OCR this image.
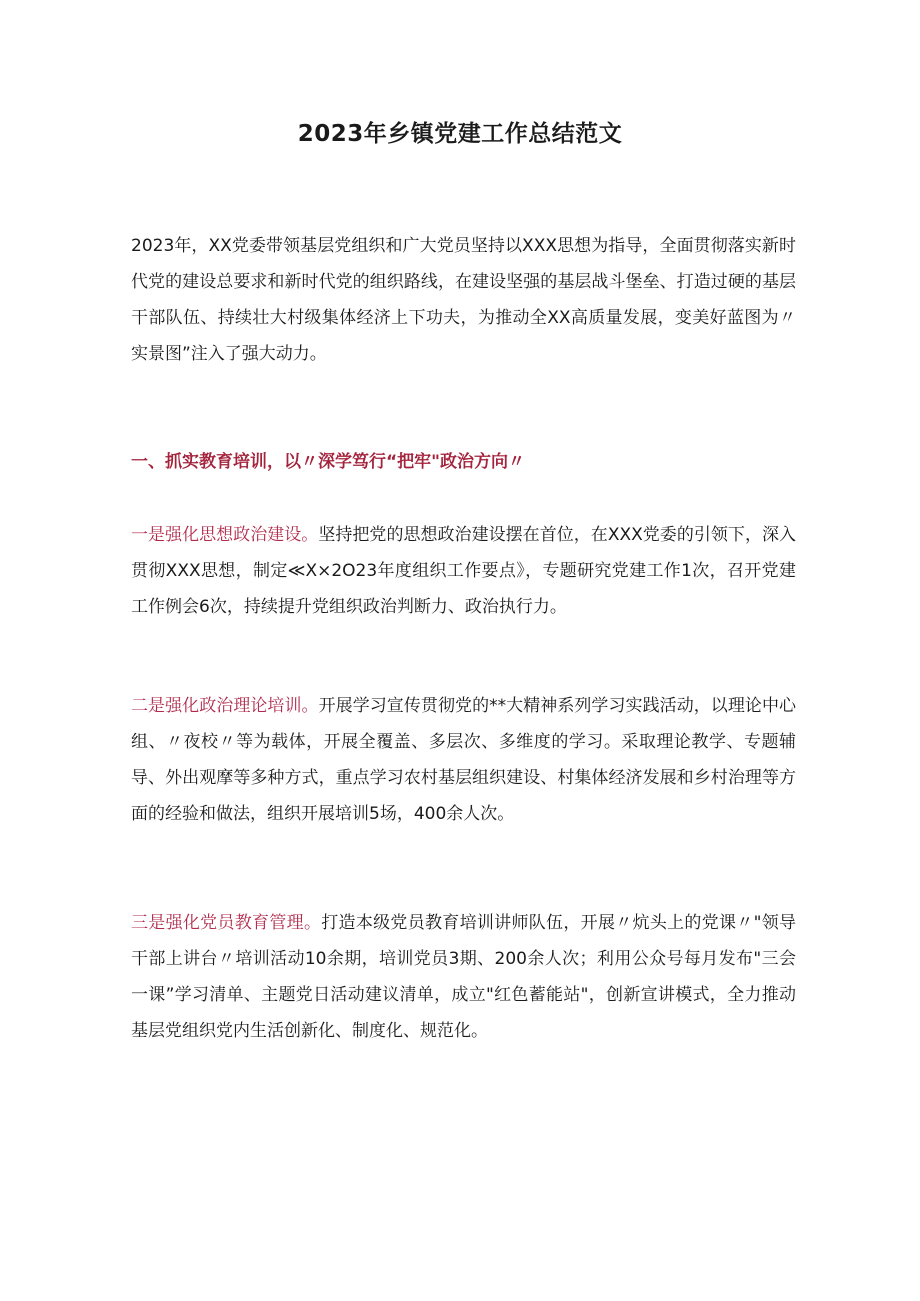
2023年乡镇党建工作总结范文

2023年，XX党委带领基层党组织和广大党员坚持以XXX思想为指导，全面贯彻落实新时代党的建设总要求和新时代党的组织路线，在建设坚强的基层战斗堡垒、打造过硬的基层干部队伍、持续壮大村级集体经济上下功夫，为推动全XX高质量发展，变美好蓝图为〃实景图”注入了强大动力。

一、抓实教育培训，以〃深学笃行“把牢"政治方向〃

一是强化思想政治建设。坚持把党的思想政治建设摆在首位，在XXX党委的引领下，深入贯彻XXX思想，制定≪X×2O23年度组织工作要点》，专题研究党建工作1次，召开党建工作例会6次，持续提升党组织政治判断力、政治执行力。

二是强化政治理论培训。开展学习宣传贯彻党的**大精神系列学习实践活动，以理论中心组、〃夜校〃等为载体，开展全覆盖、多层次、多维度的学习。采取理论教学、专题辅导、外出观摩等多种方式，重点学习农村基层组织建设、村集体经济发展和乡村治理等方面的经验和做法，组织开展培训5场，400余人次。

三是强化党员教育管理。打造本级党员教育培训讲师队伍，开展〃炕头上的党课〃"领导干部上讲台〃培训活动10余期，培训党员3期、200余人次；利用公众号每月发布"三会一课”学习清单、主题党日活动建议清单，成立"红色蓄能站"，创新宣讲模式，全力推动基层党组织党内生活创新化、制度化、规范化。
